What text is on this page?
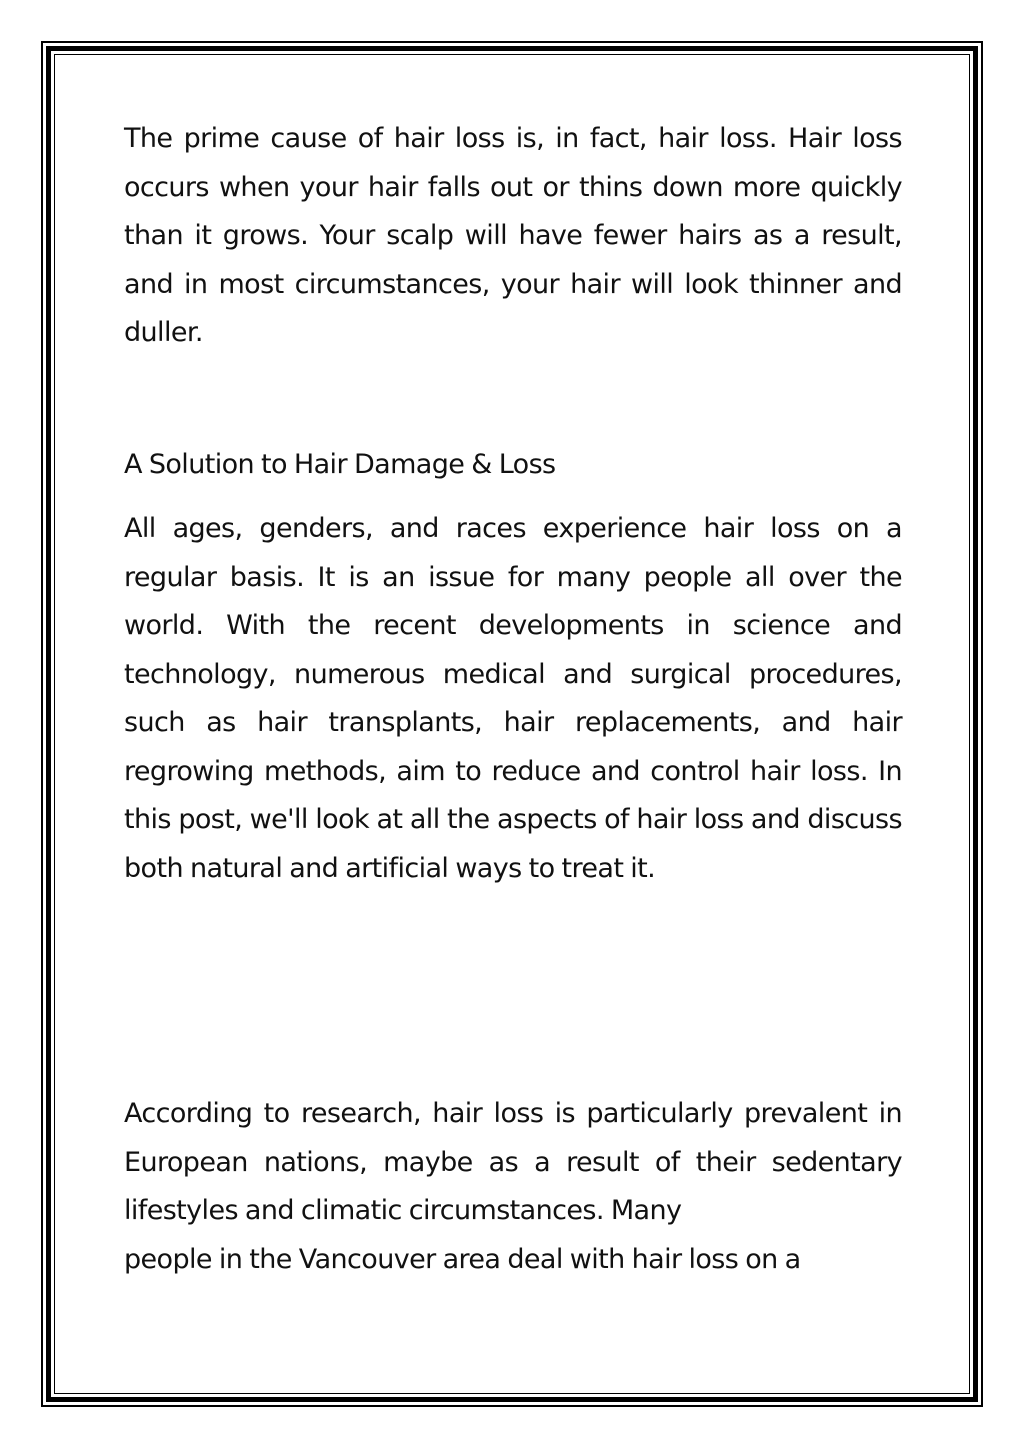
The prime cause of hair loss is, in fact, hair loss. Hair loss occurs when your hair falls out or thins down more quickly than it grows. Your scalp will have fewer hairs as a result, and in most circumstances, your hair will look thinner and duller.

A Solution to Hair Damage & Loss

All ages, genders, and races experience hair loss on a regular basis. It is an issue for many people all over the world. With the recent developments in science and technology, numerous medical and surgical procedures, such as hair transplants, hair replacements, and hair regrowing methods, aim to reduce and control hair loss. In this post, we'll look at all the aspects of hair loss and discuss both natural and artificial ways to treat it.

According to research, hair loss is particularly prevalent in European nations, maybe as a result of their sedentary lifestyles and climatic circumstances. Many

people in the Vancouver area deal with hair loss on a
